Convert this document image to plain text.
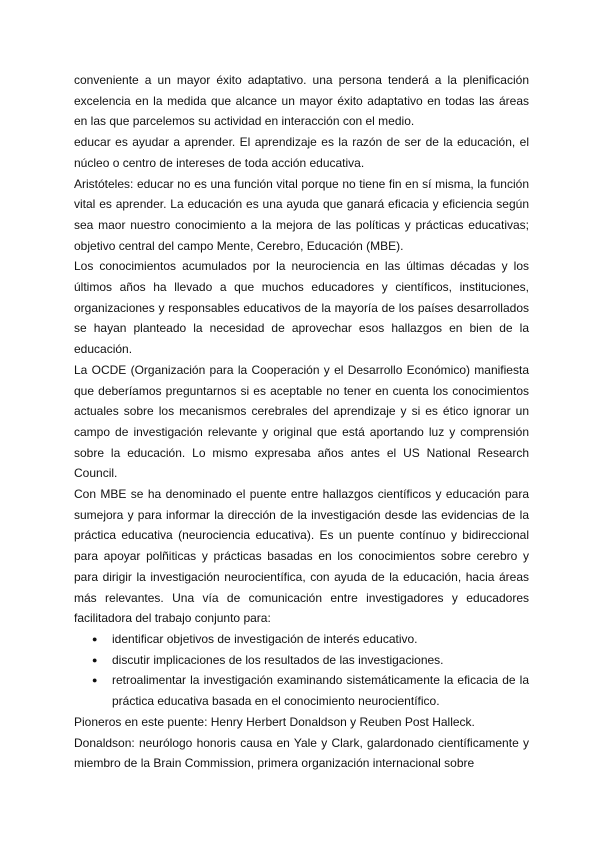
conveniente a un mayor éxito adaptativo. una persona tenderá a la plenificación excelencia en la medida que alcance un mayor éxito adaptativo en todas las áreas en las que parcelemos su actividad en interacción con el medio.

educar es ayudar a aprender. El aprendizaje es la razón de ser de la educación, el núcleo o centro de intereses de toda acción educativa.

Aristóteles: educar no es una función vital porque no tiene fin en sí misma, la función vital es aprender. La educación es una ayuda que ganará eficacia y eficiencia según sea maor nuestro conocimiento a la mejora de las políticas y prácticas educativas; objetivo central del campo Mente, Cerebro, Educación (MBE).

Los conocimientos acumulados por la neurociencia en las últimas décadas y los últimos años ha llevado a que muchos educadores y científicos, instituciones, organizaciones y responsables educativos de la mayoría de los países desarrollados se hayan planteado la necesidad de aprovechar esos hallazgos en bien de la educación.

La OCDE (Organización para la Cooperación y el Desarrollo Económico) manifiesta que deberíamos preguntarnos si es aceptable no tener en cuenta los conocimientos actuales sobre los mecanismos cerebrales del aprendizaje y si es ético ignorar un campo de investigación relevante y original que está aportando luz y comprensión sobre la educación. Lo mismo expresaba años antes el US National Research Council.

Con MBE se ha denominado el puente entre hallazgos científicos y educación para sumejora y para informar la dirección de la investigación desde las evidencias de la práctica educativa (neurociencia educativa). Es un puente contínuo y bidireccional para apoyar polñiticas y prácticas basadas en los conocimientos sobre cerebro y para dirigir la investigación neurocientífica, con ayuda de la educación, hacia áreas más relevantes. Una vía de comunicación entre investigadores y educadores facilitadora del trabajo conjunto para:

● identificar objetivos de investigación de interés educativo.
● discutir implicaciones de los resultados de las investigaciones.
● retroalimentar la investigación examinando sistemáticamente la eficacia de la práctica educativa basada en el conocimiento neurocientífico.

Pioneros en este puente: Henry Herbert Donaldson y Reuben Post Halleck.

Donaldson: neurólogo honoris causa en Yale y Clark, galardonado científicamente y miembro de la Brain Commission, primera organización internacional sobre
